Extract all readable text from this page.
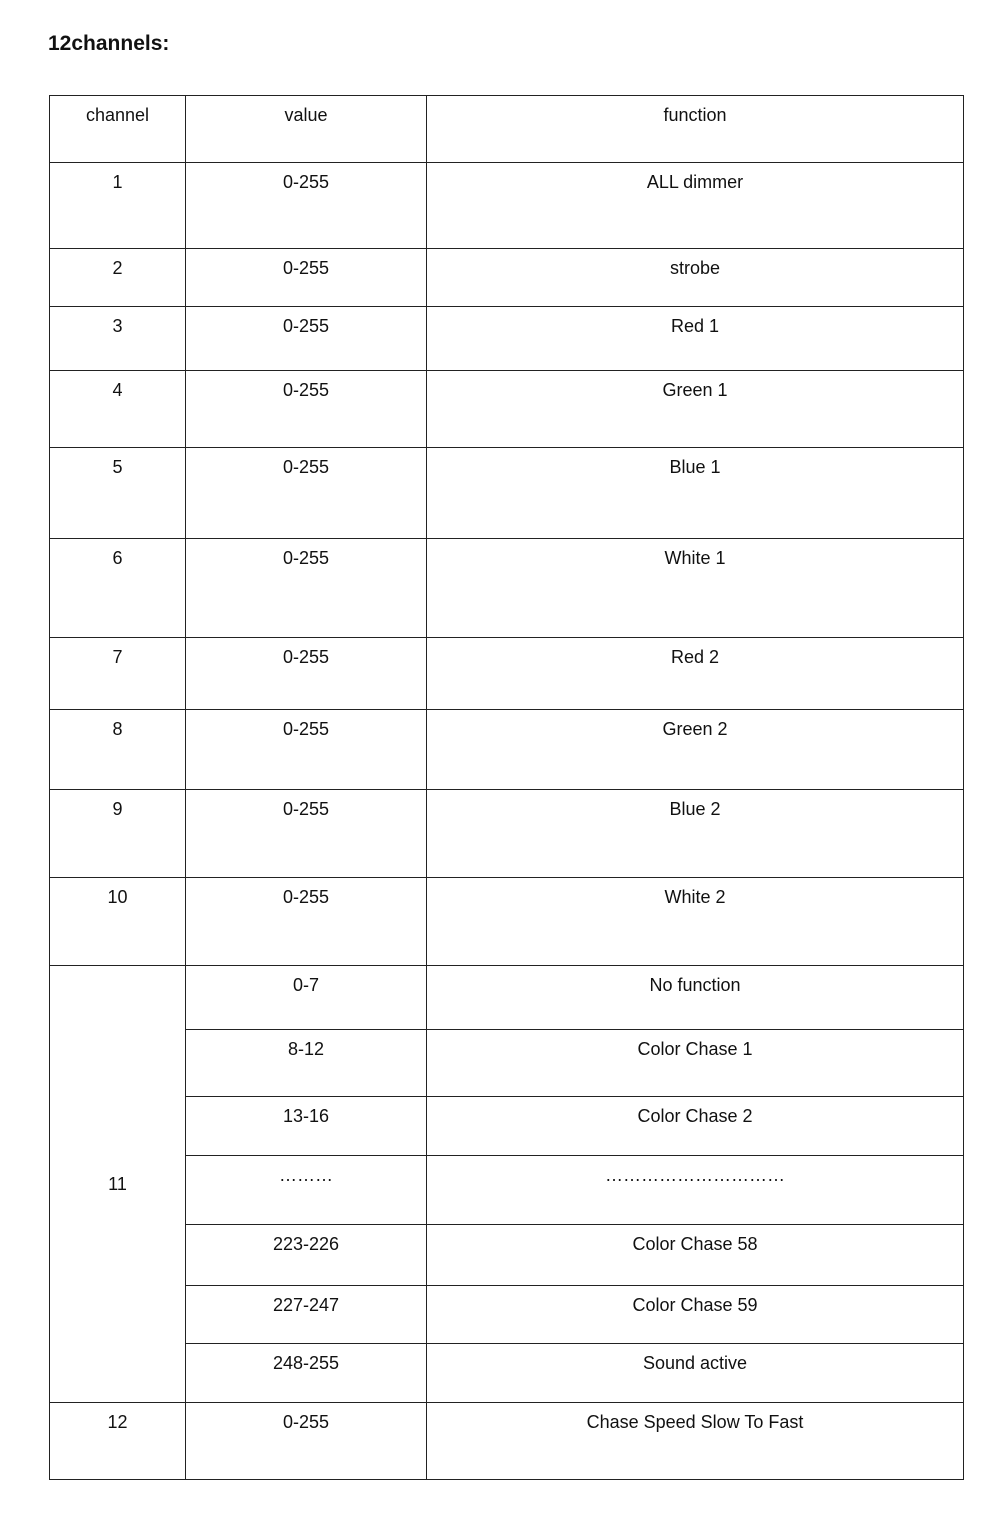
12channels:
channel	value	function
1	0-255	ALL dimmer
2	0-255	strobe
3	0-255	Red 1
4	0-255	Green 1
5	0-255	Blue 1
6	0-255	White 1
7	0-255	Red 2
8	0-255	Green 2
9	0-255	Blue 2
10	0-255	White 2
11	0-7	No function
	8-12	Color Chase 1
	13-16	Color Chase 2
	………	…………………………
	223-226	Color Chase 58
	227-247	Color Chase 59
	248-255	Sound active
12	0-255	Chase Speed Slow To Fast
